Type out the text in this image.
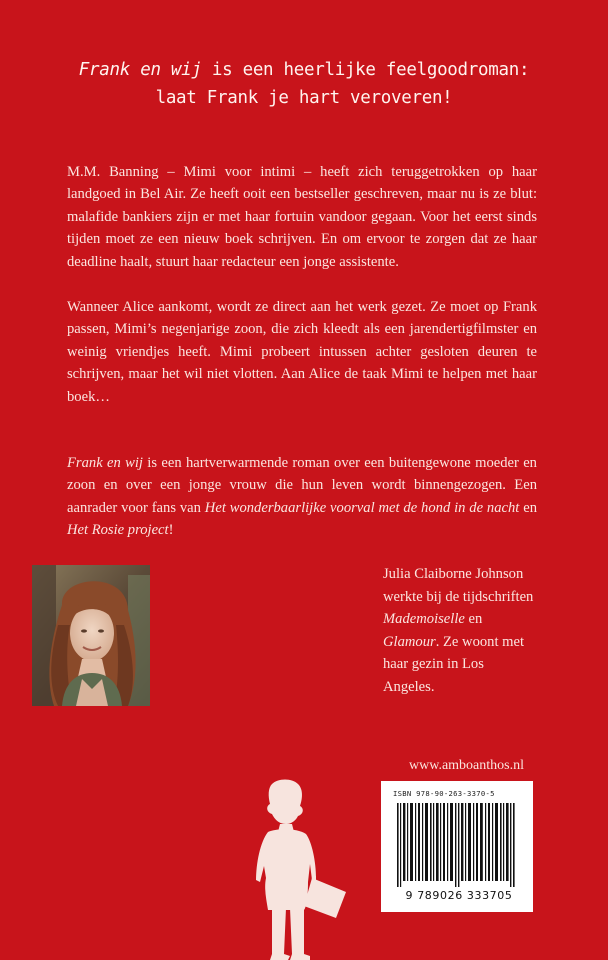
Frank en wij is een heerlijke feelgoodroman:
laat Frank je hart veroveren!

M.M. Banning – Mimi voor intimi – heeft zich teruggetrokken op haar landgoed in Bel Air. Ze heeft ooit een bestseller geschreven, maar nu is ze blut: malafide bankiers zijn er met haar fortuin vandoor gegaan. Voor het eerst sinds tijden moet ze een nieuw boek schrijven. En om ervoor te zorgen dat ze haar deadline haalt, stuurt haar redacteur een jonge assistente.

Wanneer Alice aankomt, wordt ze direct aan het werk gezet. Ze moet op Frank passen, Mimi’s negenjarige zoon, die zich kleedt als een jarendertigfilmster en weinig vriendjes heeft. Mimi probeert intussen achter gesloten deuren te schrijven, maar het wil niet vlotten. Aan Alice de taak Mimi te helpen met haar boek…

Frank en wij is een hartverwarmende roman over een buitengewone moeder en zoon en over een jonge vrouw die hun leven wordt binnengezogen. Een aanrader voor fans van Het wonderbaarlijke voorval met de hond in de nacht en Het Rosie project!

Julia Claiborne Johnson werkte bij de tijdschriften Mademoiselle en Glamour. Ze woont met haar gezin in Los Angeles.
www.amboanthos.nl
ISBN 978-90-263-3370-5
9 789026 333705
